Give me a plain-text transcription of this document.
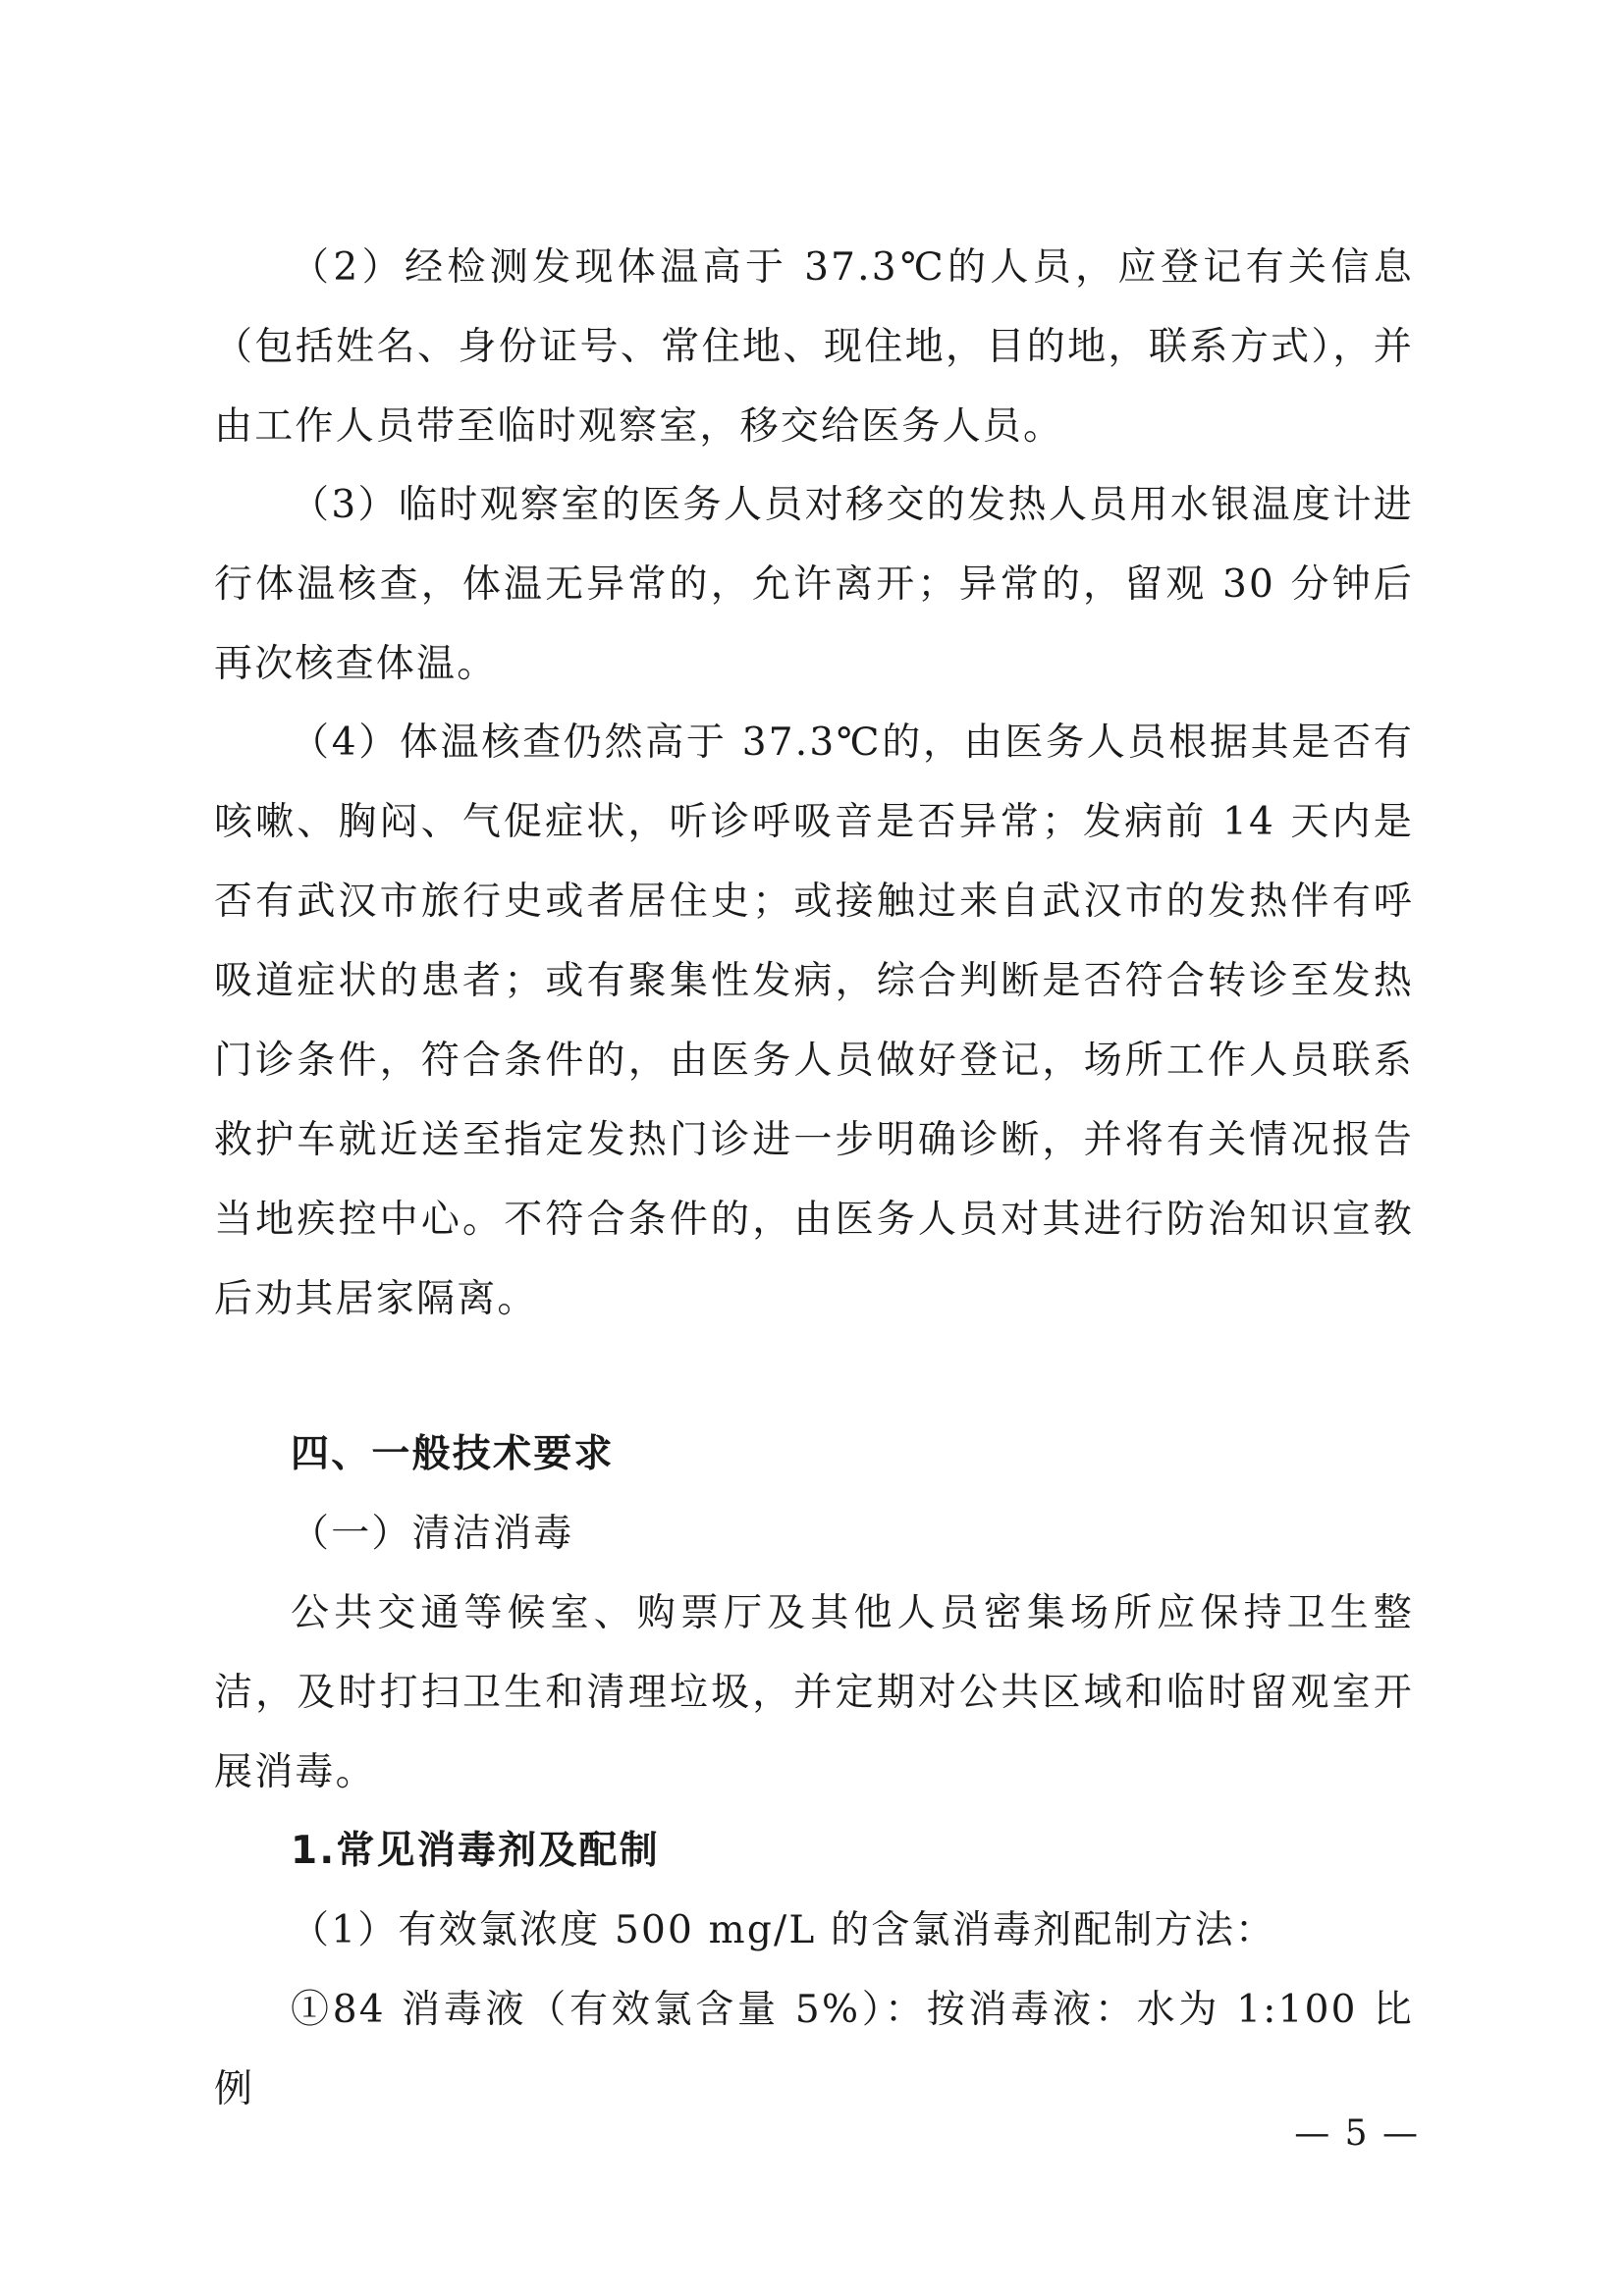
（2）经检测发现体温高于 37.3℃的人员，应登记有关信息（包括姓名、身份证号、常住地、现住地，目的地，联系方式），并由工作人员带至临时观察室，移交给医务人员。

（3）临时观察室的医务人员对移交的发热人员用水银温度计进行体温核查，体温无异常的，允许离开；异常的，留观 30 分钟后再次核查体温。

（4）体温核查仍然高于 37.3℃的，由医务人员根据其是否有咳嗽、胸闷、气促症状，听诊呼吸音是否异常；发病前 14 天内是否有武汉市旅行史或者居住史；或接触过来自武汉市的发热伴有呼吸道症状的患者；或有聚集性发病，综合判断是否符合转诊至发热门诊条件，符合条件的，由医务人员做好登记，场所工作人员联系救护车就近送至指定发热门诊进一步明确诊断，并将有关情况报告当地疾控中心。不符合条件的，由医务人员对其进行防治知识宣教后劝其居家隔离。

四、一般技术要求

（一）清洁消毒

公共交通等候室、购票厅及其他人员密集场所应保持卫生整洁，及时打扫卫生和清理垃圾，并定期对公共区域和临时留观室开展消毒。

1.常见消毒剂及配制

（1）有效氯浓度 500 mg/L 的含氯消毒剂配制方法：

①84 消毒液（有效氯含量 5%）：按消毒液：水为 1:100 比例

— 5 —
